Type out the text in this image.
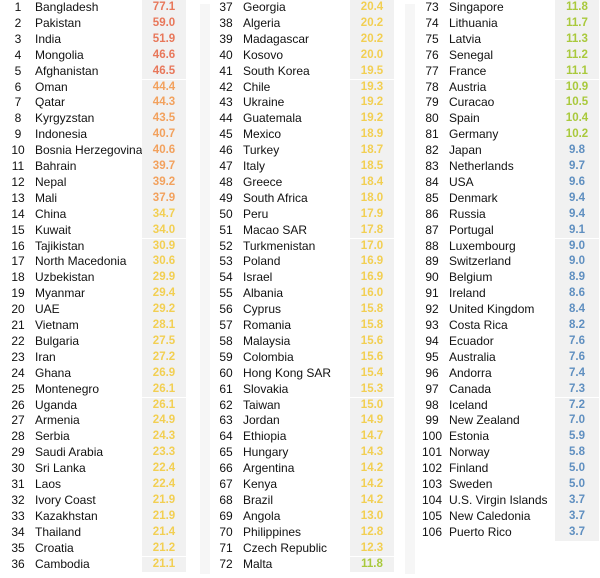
1	Bangladesh	77.1
2	Pakistan	59.0
3	India	51.9
4	Mongolia	46.6
5	Afghanistan	46.5
6	Oman	44.4
7	Qatar	44.3
8	Kyrgyzstan	43.5
9	Indonesia	40.7
10 Bosnia Herzegovina 40.6
11 Bahrain	39.7
12 Nepal	39.2
13 Mali	37.9
14 China	34.7
15 Kuwait	34.0
16 Tajikistan	30.9
17 North Macedonia	30.6
18 Uzbekistan	29.9
19 Myanmar	29.4
20 UAE	29.2
21 Vietnam	28.1
22 Bulgaria	27.5
23 Iran	27.2
24 Ghana	26.9
25 Montenegro	26.1
26 Uganda	26.1
27 Armenia	24.9
28 Serbia	24.3
29 Saudi Arabia	23.3
30 Sri Lanka	22.4
31 Laos	22.4
32 Ivory Coast	21.9
33 Kazakhstan	21.9
34 Thailand	21.4
35 Croatia	21.2
36 Cambodia	21.1
37 Georgia	20.4
38 Algeria	20.2
39 Madagascar	20.2
40 Kosovo	20.0
41 South Korea	19.5
42 Chile	19.3
43 Ukraine	19.2
44 Guatemala	19.2
45 Mexico	18.9
46 Turkey	18.7
47 Italy	18.5
48 Greece	18.4
49 South Africa	18.0
50 Peru	17.9
51 Macao SAR	17.8
52 Turkmenistan	17.0
53 Poland	16.9
54 Israel	16.9
55 Albania	16.0
56 Cyprus	15.8
57 Romania	15.8
58 Malaysia	15.6
59 Colombia	15.6
60 Hong Kong SAR	15.4
61 Slovakia	15.3
62 Taiwan	15.0
63 Jordan	14.9
64 Ethiopia	14.7
65 Hungary	14.3
66 Argentina	14.2
67 Kenya	14.2
68 Brazil	14.2
69 Angola	13.0
70 Philippines	12.8
71 Czech Republic	12.3
72 Malta	11.8
73 Singapore	11.8
74 Lithuania	11.7
75 Latvia	11.3
76 Senegal	11.2
77 France	11.1
78 Austria	10.9
79 Curacao	10.5
80 Spain	10.4
81 Germany	10.2
82 Japan	9.8
83 Netherlands	9.7
84 USA	9.6
85 Denmark	9.4
86 Russia	9.4
87 Portugal	9.1
88 Luxembourg	9.0
89 Switzerland	9.0
90 Belgium	8.9
91 Ireland	8.6
92 United Kingdom	8.4
93 Costa Rica	8.2
94 Ecuador	7.6
95 Australia	7.6
96 Andorra	7.4
97 Canada	7.3
98 Iceland	7.2
99 New Zealand	7.0
100 Estonia	5.9
101 Norway	5.8
102 Finland	5.0
103 Sweden	5.0
104 U.S. Virgin Islands	3.7
105 New Caledonia	3.7
106 Puerto Rico	3.7
